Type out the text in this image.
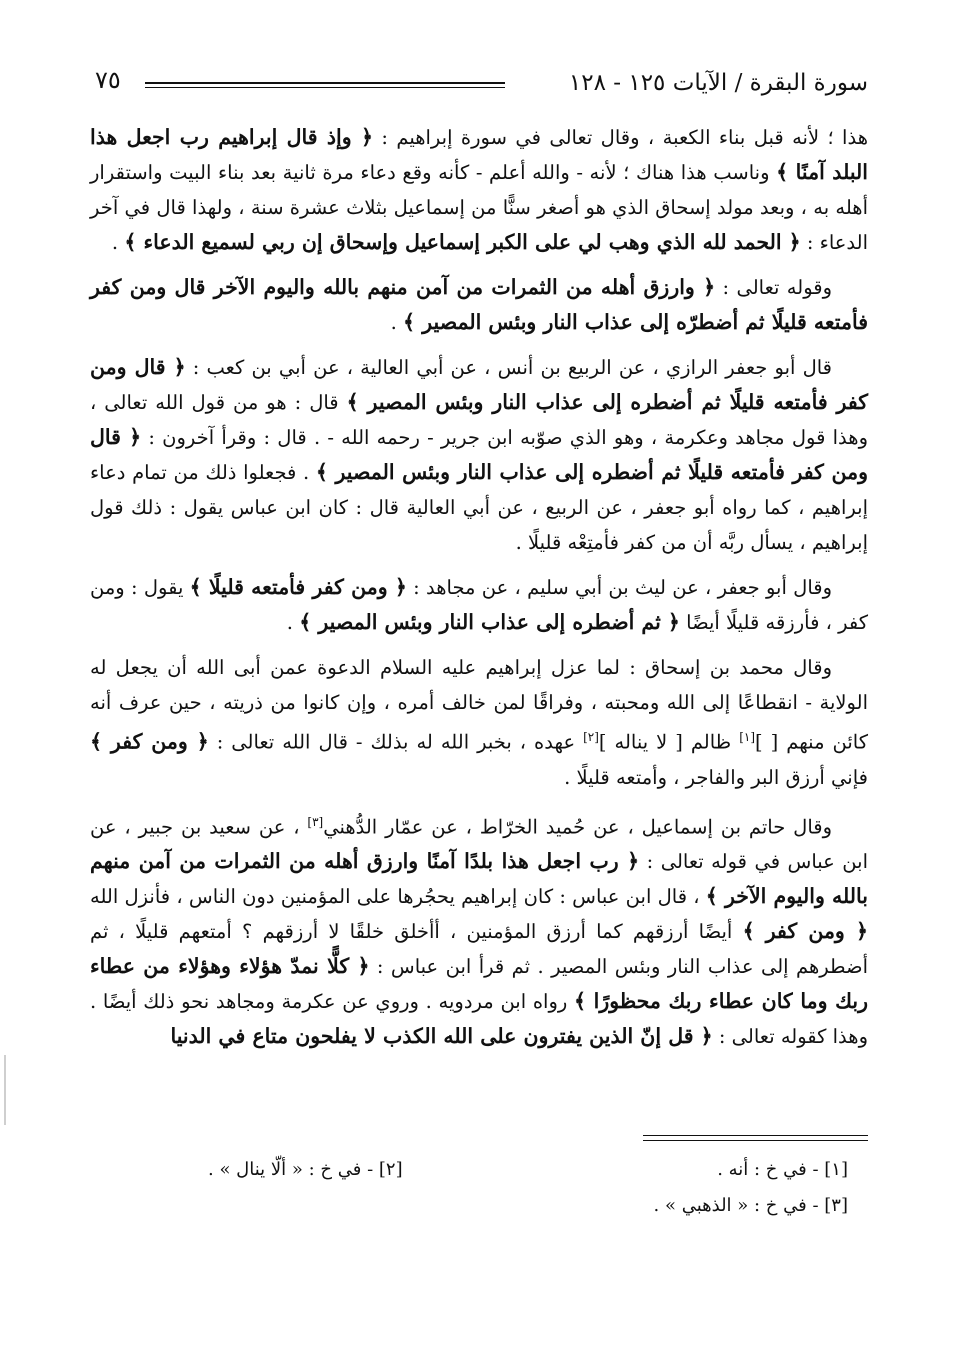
سورة البقرة / الآيات ١٢٥ - ١٢٨
٧٥

هذا ؛ لأنه قبل بناء الكعبة ، وقال تعالى في سورة إبراهيم : ﴿ وإذ قال إبراهيم رب اجعل هذا البلد آمنًا ﴾ وناسب هذا هناك ؛ لأنه - والله أعلم - كأنه وقع دعاء مرة ثانية بعد بناء البيت واستقرار أهله به ، وبعد مولد إسحاق الذي هو أصغر سنًّا من إسماعيل بثلاث عشرة سنة ، ولهذا قال في آخر الدعاء : ﴿ الحمد لله الذي وهب لي على الكبر إسماعيل وإسحاق إن ربي لسميع الدعاء ﴾ .

وقوله تعالى : ﴿ وارزق أهله من الثمرات من آمن منهم بالله واليوم الآخر قال ومن كفر فأمتعه قليلًا ثم أضطرّه إلى عذاب النار وبئس المصير ﴾ .

قال أبو جعفر الرازي ، عن الربيع بن أنس ، عن أبي العالية ، عن أبي بن كعب : ﴿ قال ومن كفر فأمتعه قليلًا ثم أضطره إلى عذاب النار وبئس المصير ﴾ قال : هو من قول الله تعالى ، وهذا قول مجاهد وعكرمة ، وهو الذي صوّبه ابن جرير - رحمه الله - . قال : وقرأ آخرون : ﴿ قال ومن كفر فأمتعه قليلًا ثم أضطره إلى عذاب النار وبئس المصير ﴾ . فجعلوا ذلك من تمام دعاء إبراهيم ، كما رواه أبو جعفر ، عن الربيع ، عن أبي العالية قال : كان ابن عباس يقول : ذلك قول إبراهيم ، يسأل ربَّه أن من كفر فأمتِعْه قليلًا .

وقال أبو جعفر ، عن ليث بن أبي سليم ، عن مجاهد : ﴿ ومن كفر فأمتعه قليلًا ﴾ يقول : ومن كفر ، فأرزقه قليلًا أيضًا ﴿ ثم أضطره إلى عذاب النار وبئس المصير ﴾ .

وقال محمد بن إسحاق : لما عزل إبراهيم عليه السلام الدعوة عمن أبى الله أن يجعل له الولاية - انقطاعًا إلى الله ومحبته ، وفراقًا لمن خالف أمره ، وإن كانوا من ذريته ، حين عرف أنه كائن منهم [ ][١] ظالم [ لا يناله ][٢] عهده ، بخبر الله له بذلك - قال الله تعالى : ﴿ ومن كفر ﴾ فإني أرزق البر والفاجر ، وأمتعه قليلًا .

وقال حاتم بن إسماعيل ، عن حُميد الخرّاط ، عن عمّار الدُّهني[٣] ، عن سعيد بن جبير ، عن ابن عباس في قوله تعالى : ﴿ رب اجعل هذا بلدًا آمنًا وارزق أهله من الثمرات من آمن منهم بالله واليوم الآخر ﴾ ، قال ابن عباس : كان إبراهيم يحجُرها على المؤمنين دون الناس ، فأنزل الله ﴿ ومن كفر ﴾ أيضًا أرزقهم كما أرزق المؤمنين ، أأخلق خلقًا لا أرزقهم ؟ أمتعهم قليلًا ، ثم أضطرهم إلى عذاب النار وبئس المصير . ثم قرأ ابن عباس : ﴿ كلًّا نمدّ هؤلاء وهؤلاء من عطاء ربك وما كان عطاء ربك محظورًا ﴾ رواه ابن مردويه . وروي عن عكرمة ومجاهد نحو ذلك أيضًا . وهذا كقوله تعالى : ﴿ قل إنّ الذين يفترون على الله الكذب لا يفلحون متاع في الدنيا

[١] - في خ : أنه .
[٢] - في خ : « ألّا ينال » .
[٣] - في خ : « الذهبي » .
